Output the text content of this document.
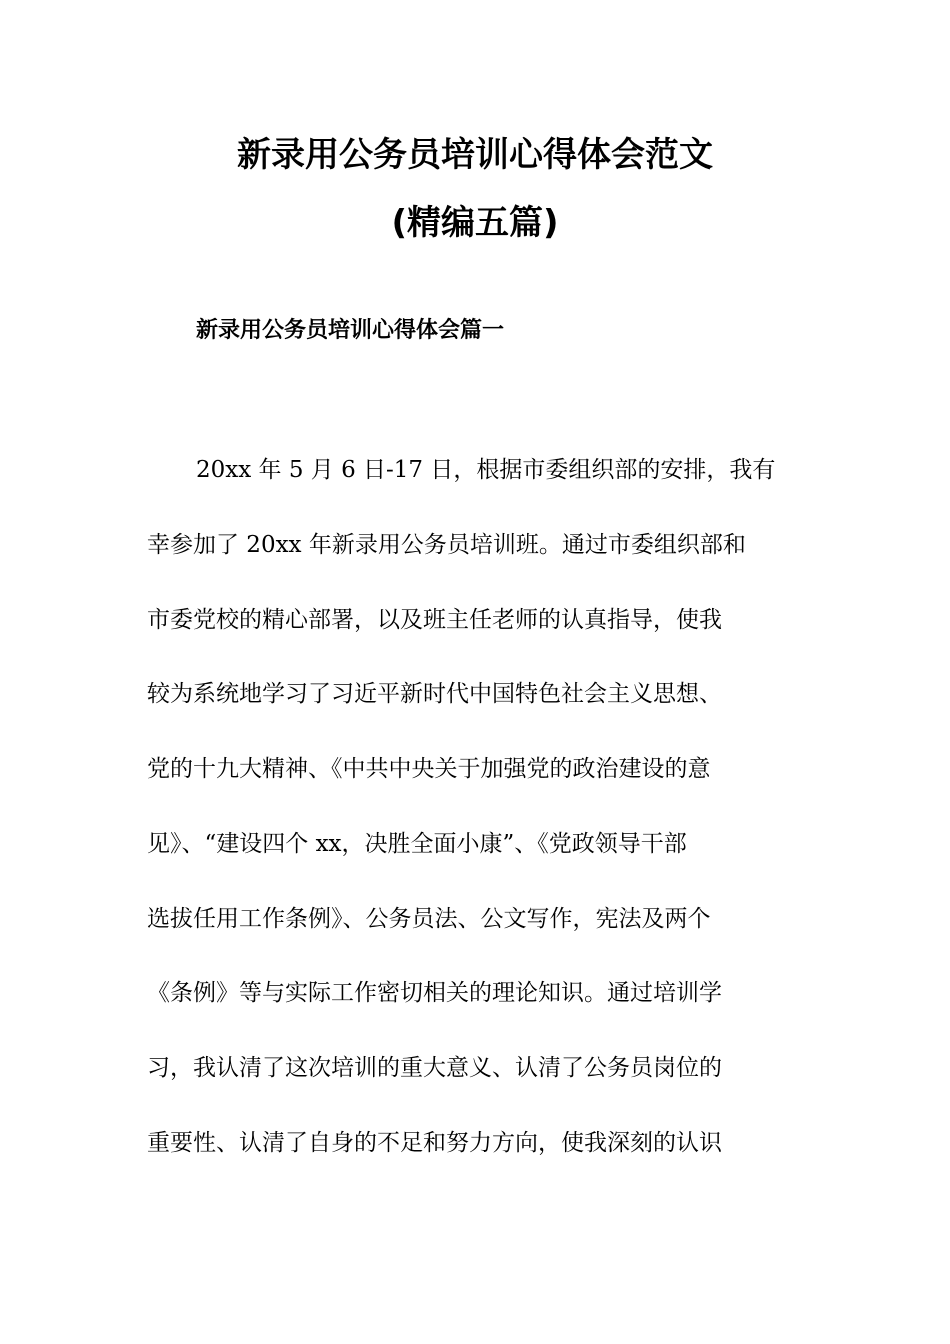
新录用公务员培训心得体会范文
(精编五篇)
新录用公务员培训心得体会篇一
20xx 年 5 月 6 日-17 日，根据市委组织部的安排，我有
幸参加了 20xx 年新录用公务员培训班。通过市委组织部和
市委党校的精心部署，以及班主任老师的认真指导，使我
较为系统地学习了习近平新时代中国特色社会主义思想、
党的十九大精神、《中共中央关于加强党的政治建设的意
见》、“建设四个 xx，决胜全面小康”、《党政领导干部
选拔任用工作条例》、公务员法、公文写作，宪法及两个
《条例》等与实际工作密切相关的理论知识。通过培训学
习，我认清了这次培训的重大意义、认清了公务员岗位的
重要性、认清了自身的不足和努力方向，使我深刻的认识
